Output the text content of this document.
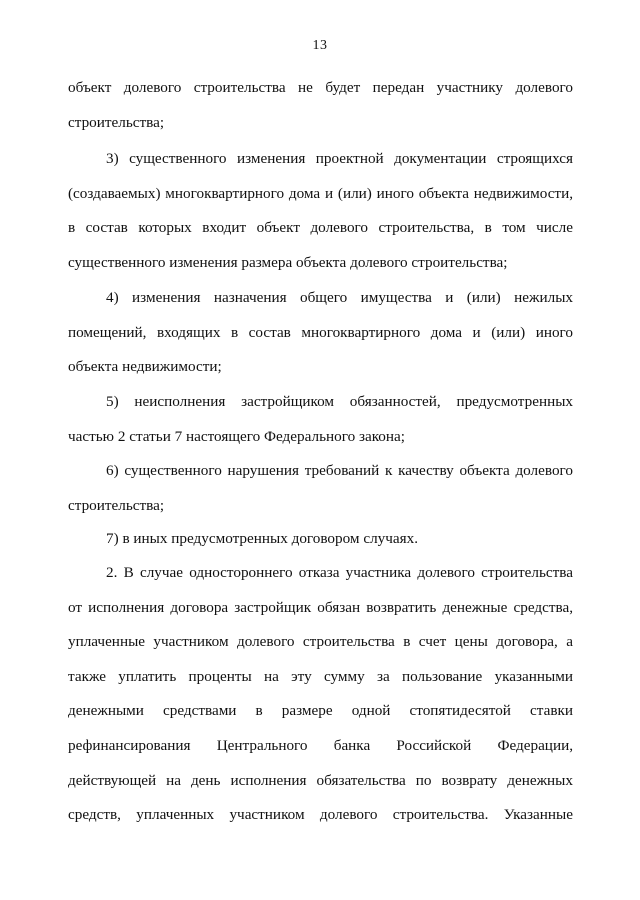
13
объект долевого строительства не будет передан участнику долевого
строительства;
3) существенного изменения проектной документации строящихся
(создаваемых) многоквартирного дома и (или) иного объекта недвижимости,
в состав которых входит объект долевого строительства, в том числе
существенного изменения размера объекта долевого строительства;
4) изменения назначения общего имущества и (или) нежилых
помещений, входящих в состав многоквартирного дома и (или) иного
объекта недвижимости;
5) неисполнения застройщиком обязанностей, предусмотренных
частью 2 статьи 7 настоящего Федерального закона;
6) существенного нарушения требований к качеству объекта долевого
строительства;
7) в иных предусмотренных договором случаях.
2. В случае одностороннего отказа участника долевого строительства
от исполнения договора застройщик обязан возвратить денежные средства,
уплаченные участником долевого строительства в счет цены договора, а
также уплатить проценты на эту сумму за пользование указанными
денежными средствами в размере одной стопятидесятой ставки
рефинансирования Центрального банка Российской Федерации,
действующей на день исполнения обязательства по возврату денежных
средств, уплаченных участником долевого строительства. Указанные
